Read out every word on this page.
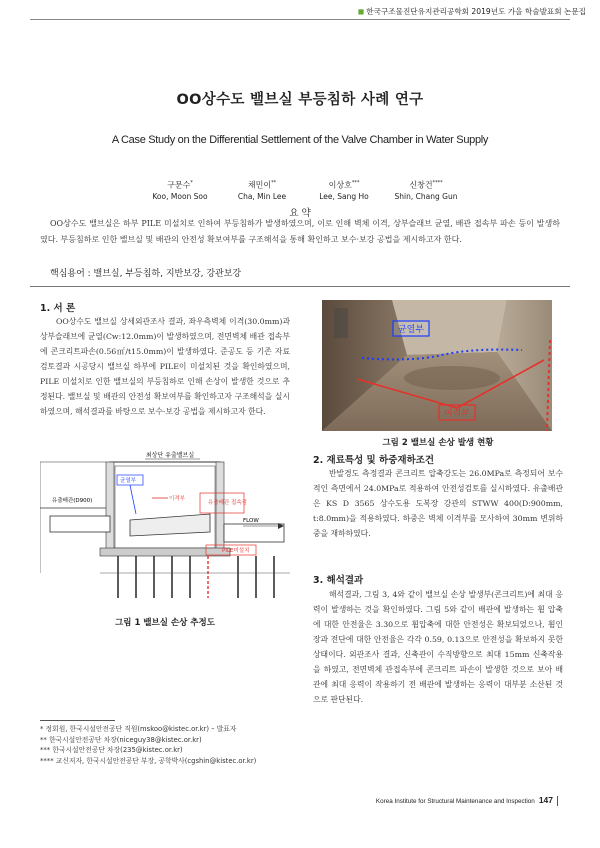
◼ 한국구조물진단유지관리공학회 2019년도 가을 학술발표회 논문집
OO상수도 밸브실 부등침하 사례 연구
A Case Study on the Differential Settlement of the Valve Chamber in Water Supply
구문수*
Koo, Moon Soo
채민이**
Cha, Min Lee
이상호***
Lee, Sang Ho
신창건****
Shin, Chang Gun
요 약

OO상수도 밸브실은 하부 PILE 미설치로 인하여 부등침하가 발생하였으며, 이로 인해 벽체 이격, 상부슬래브 균열, 배관 접속부 파손 등이 발생하였다. 부등침하로 인한 밸브실 및 배관의 안전성 확보여부를 구조해석을 통해 확인하고 보수·보강 공법을 제시하고자 한다.

핵심용어 : 밸브실, 부등침하, 지반보강, 강관보강
1. 서 론

OO상수도 밸브실 상세외관조사 결과, 좌우측벽체 이격(30.0mm)과 상부슬래브에 균열(Cw:12.0mm)이 발생하였으며, 전면벽체 배관 접속부에 콘크리트파손(0.56㎡/t15.0mm)이 발생하였다. 준공도 등 기존 자료검토결과 시공당시 밸브실 하부에 PILE이 미설치된 것을 확인하였으며, PILE 미설치로 인한 밸브실의 부등침하로 인해 손상이 발생한 것으로 추정된다. 밸브실 및 배관의 안전성 확보여부를 확인하고자 구조해석을 실시하였으며, 해석결과를 바탕으로 보수·보강 공법을 제시하고자 한다.

최상단 유출밸브실
유출배관(D900)
균열부
이격부
유출배관 접속점
FLOW
PILE미설치
그림 1 밸브실 손상 추정도
균열부
이격부
그림 2 밸브실 손상 발생 현황
2. 재료특성 및 하중재하조건

반발경도 측정결과 콘크리트 압축강도는 26.0MPa로 측정되어 보수적인 측면에서 24.0MPa로 적용하여 안전성검토를 실시하였다. 유출배관은 KS D 3565 상수도용 도복장 강관의 STWW 400(D:900mm, t:8.0mm)을 적용하였다. 하중은 벽체 이격부를 모사하여 30mm 변위하중을 재하하였다.

3. 해석결과

해석결과, 그림 3, 4와 같이 밸브실 손상 발생부(콘크리트)에 최대 응력이 발생하는 것을 확인하였다. 그림 5와 같이 배관에 발생하는 휨 압축에 대한 안전율은 3.30으로 휨압축에 대한 안전성은 확보되었으나, 휨인장과 전단에 대한 안전율은 각각 0.59, 0.13으로 안전성을 확보하지 못한 상태이다. 외관조사 결과, 신축관이 수직방향으로 최대 15mm 신축작용을 하였고, 전면벽체 관접속부에 콘크리트 파손이 발생한 것으로 보아 배관에 최대 응력이 작용하기 전 배관에 발생하는 응력이 대부분 소산된 것으로 판단된다.

* 정회원, 한국시설안전공단 직원(mskoo@kistec.or.kr) – 발표자
** 한국시설안전공단 차장(niceguy38@kistec.or.kr)
*** 한국시설안전공단 차장(235@kistec.or.kr)
**** 교신저자, 한국시설안전공단 부장, 공학박사(cgshin@kistec.or.kr)
Korea Institute for Structural Maintenance and Inspection 147
